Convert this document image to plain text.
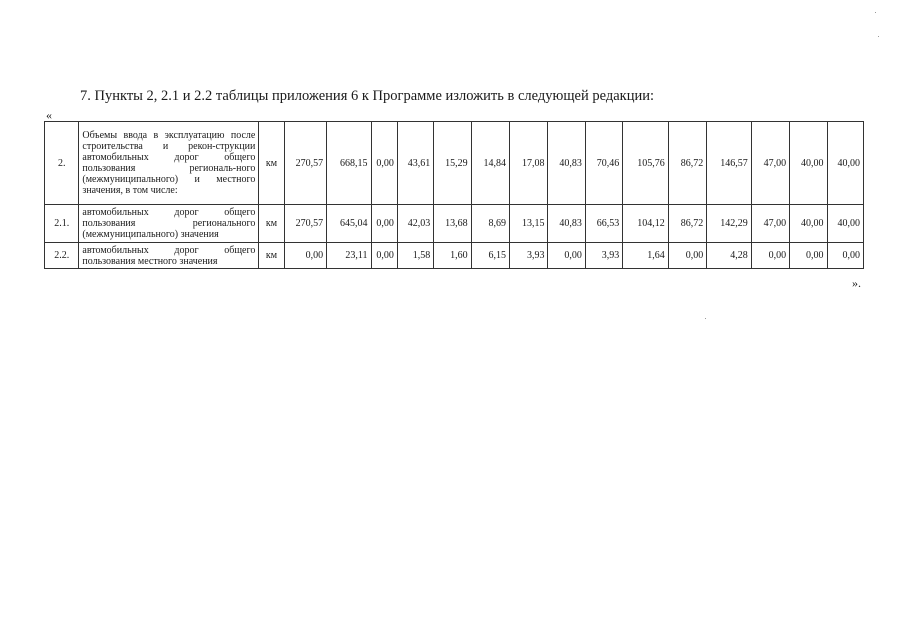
7. Пункты 2, 2.1 и 2.2 таблицы приложения 6 к Программе изложить в следующей редакции:
«
2.	Объемы ввода в эксплуатацию после строительства и рекон-струкции автомобильных дорог общего пользования региональ-ного (межмуниципального) и местного значения, в том числе:	км	270,57	668,15	0,00	43,61	15,29	14,84	17,08	40,83	70,46	105,76	86,72	146,57	47,00	40,00	40,00
2.1.	автомобильных дорог общего пользования регионального (межмуниципального) значения	км	270,57	645,04	0,00	42,03	13,68	8,69	13,15	40,83	66,53	104,12	86,72	142,29	47,00	40,00	40,00
2.2.	автомобильных дорог общего пользования местного значения	км	0,00	23,11	0,00	1,58	1,60	6,15	3,93	0,00	3,93	1,64	0,00	4,28	0,00	0,00	0,00
».
